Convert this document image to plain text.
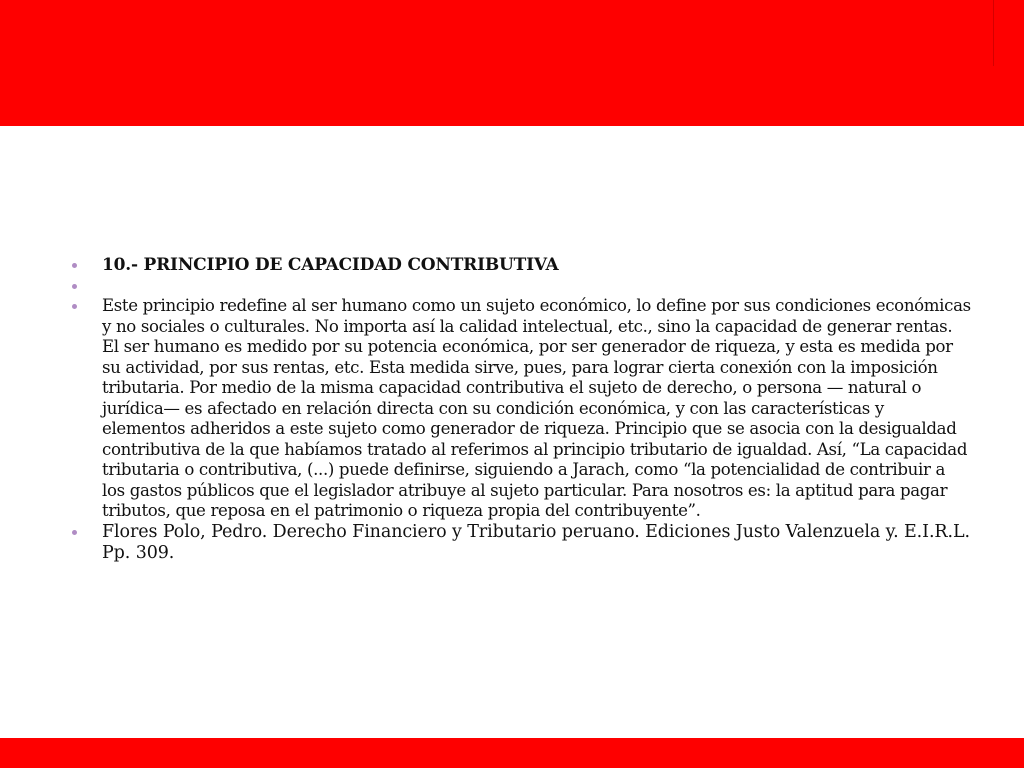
10.- PRINCIPIO DE CAPACIDAD CONTRIBUTIVA
Este principio redefine al ser humano como un sujeto económico, lo define por sus condiciones económicas y no sociales o culturales. No importa así la calidad intelectual, etc., sino la capacidad de generar rentas. El ser humano es medido por su potencia económica, por ser generador de riqueza, y esta es medida por su actividad, por sus rentas, etc. Esta medida sirve, pues, para lograr cierta conexión con la imposición tributaria. Por medio de la misma capacidad contributiva el sujeto de derecho, o persona — natural o jurídica— es afectado en relación directa con su condición económica, y con las características y elementos adheridos a este sujeto como generador de riqueza. Principio que se asocia con la desigualdad contributiva de la que habíamos tratado al referimos al principio tributario de igualdad. Así, “La capacidad tributaria o contributiva, (...) puede definirse, siguiendo a Jarach, como “la potencialidad de contribuir a los gastos públicos que el legislador atribuye al sujeto particular. Para nosotros es: la aptitud para pagar tributos, que reposa en el patrimonio o riqueza propia del contribuyente”.
Flores Polo, Pedro. Derecho Financiero y Tributario peruano. Ediciones Justo Valenzuela y. E.I.R.L. Pp. 309.
